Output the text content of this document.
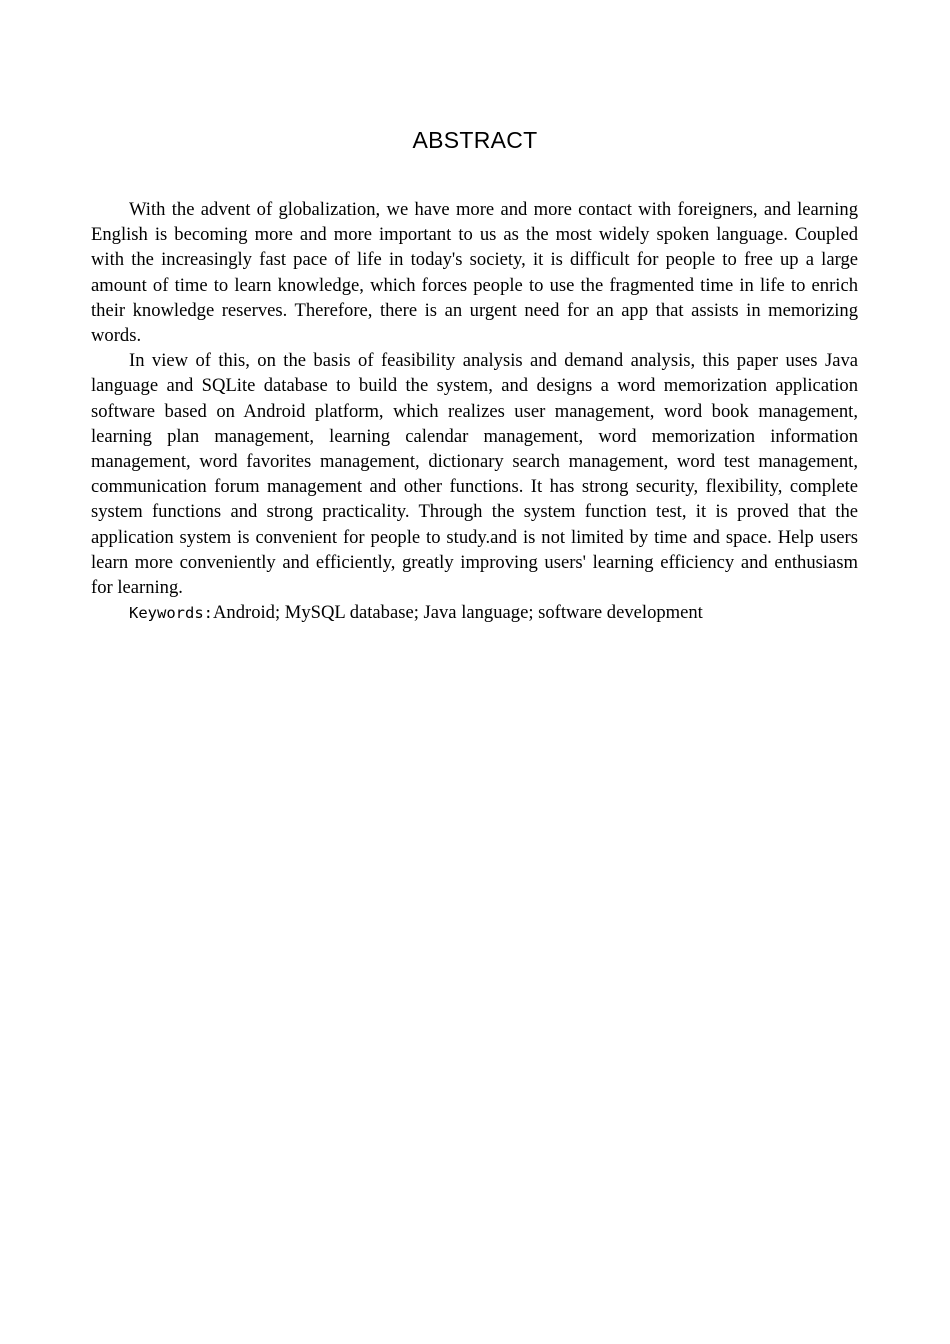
ABSTRACT

With the advent of globalization, we have more and more contact with foreigners, and learning English is becoming more and more important to us as the most widely spoken language. Coupled with the increasingly fast pace of life in today's society, it is difficult for people to free up a large amount of time to learn knowledge, which forces people to use the fragmented time in life to enrich their knowledge reserves. Therefore, there is an urgent need for an app that assists in memorizing words.

In view of this, on the basis of feasibility analysis and demand analysis, this paper uses Java language and SQLite database to build the system, and designs a word memorization application software based on Android platform, which realizes user management, word book management, learning plan management, learning calendar management, word memorization information management, word favorites management, dictionary search management, word test management, communication forum management and other functions. It has strong security, flexibility, complete system functions and strong practicality. Through the system function test, it is proved that the application system is convenient for people to study.and is not limited by time and space. Help users learn more conveniently and efficiently, greatly improving users' learning efficiency and enthusiasm for learning.

Keywords:Android; MySQL database; Java language; software development
